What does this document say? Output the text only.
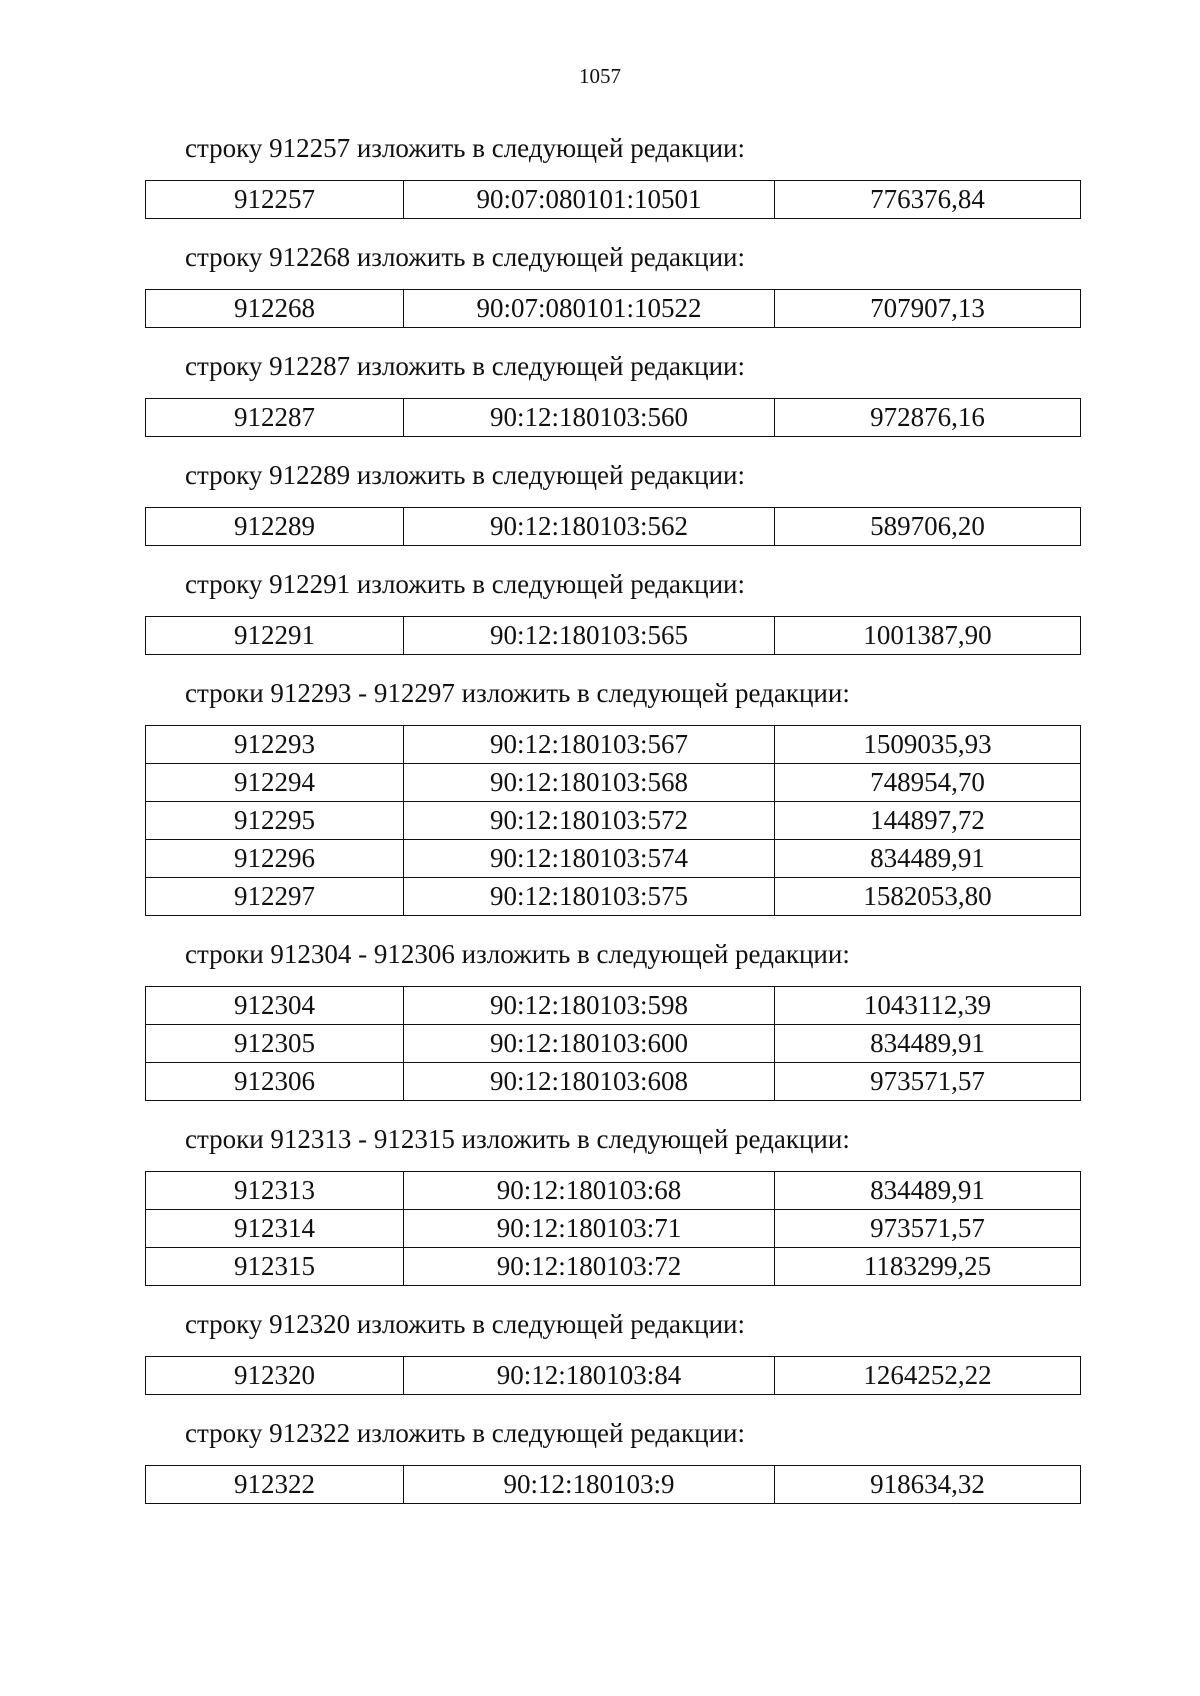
1057
строку 912257 изложить в следующей редакции:
912257	90:07:080101:10501	776376,84
строку 912268 изложить в следующей редакции:
912268	90:07:080101:10522	707907,13
строку 912287 изложить в следующей редакции:
912287	90:12:180103:560	972876,16
строку 912289 изложить в следующей редакции:
912289	90:12:180103:562	589706,20
строку 912291 изложить в следующей редакции:
912291	90:12:180103:565	1001387,90
строки 912293 - 912297 изложить в следующей редакции:
912293	90:12:180103:567	1509035,93
912294	90:12:180103:568	748954,70
912295	90:12:180103:572	144897,72
912296	90:12:180103:574	834489,91
912297	90:12:180103:575	1582053,80
строки 912304 - 912306 изложить в следующей редакции:
912304	90:12:180103:598	1043112,39
912305	90:12:180103:600	834489,91
912306	90:12:180103:608	973571,57
строки 912313 - 912315 изложить в следующей редакции:
912313	90:12:180103:68	834489,91
912314	90:12:180103:71	973571,57
912315	90:12:180103:72	1183299,25
строку 912320 изложить в следующей редакции:
912320	90:12:180103:84	1264252,22
строку 912322 изложить в следующей редакции:
912322	90:12:180103:9	918634,32
